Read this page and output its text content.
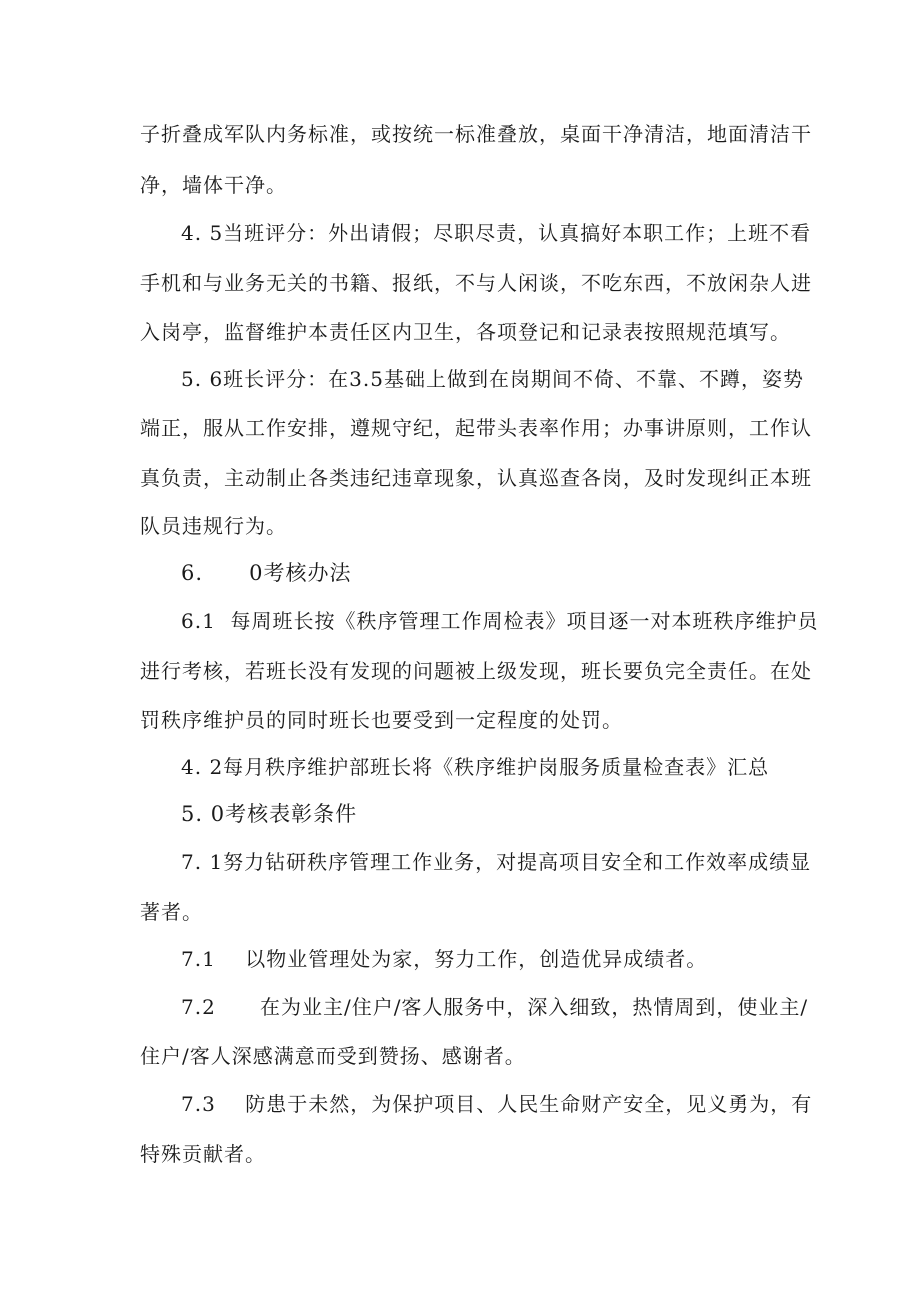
子折叠成军队内务标准，或按统一标准叠放，桌面干净清洁，地面清洁干
净，墙体干净。
4. 5当班评分：外出请假；尽职尽责，认真搞好本职工作；上班不看
手机和与业务无关的书籍、报纸，不与人闲谈，不吃东西，不放闲杂人进
入岗亭，监督维护本责任区内卫生，各项登记和记录表按照规范填写。
5. 6班长评分：在3.5基础上做到在岗期间不倚、不靠、不蹲，姿势
端正，服从工作安排，遵规守纪，起带头表率作用；办事讲原则，工作认
真负责，主动制止各类违纪违章现象，认真巡查各岗，及时发现纠正本班
队员违规行为。
6.      0考核办法
6.1  每周班长按《秩序管理工作周检表》项目逐一对本班秩序维护员
进行考核，若班长没有发现的问题被上级发现，班长要负完全责任。在处
罚秩序维护员的同时班长也要受到一定程度的处罚。
4. 2每月秩序维护部班长将《秩序维护岗服务质量检查表》汇总
5. 0考核表彰条件
7. 1努力钻研秩序管理工作业务，对提高项目安全和工作效率成绩显
著者。
7.1    以物业管理处为家，努力工作，创造优异成绩者。
7.2      在为业主/住户/客人服务中，深入细致，热情周到，使业主/
住户/客人深感满意而受到赞扬、感谢者。
7.3    防患于未然，为保护项目、人民生命财产安全，见义勇为，有
特殊贡献者。
